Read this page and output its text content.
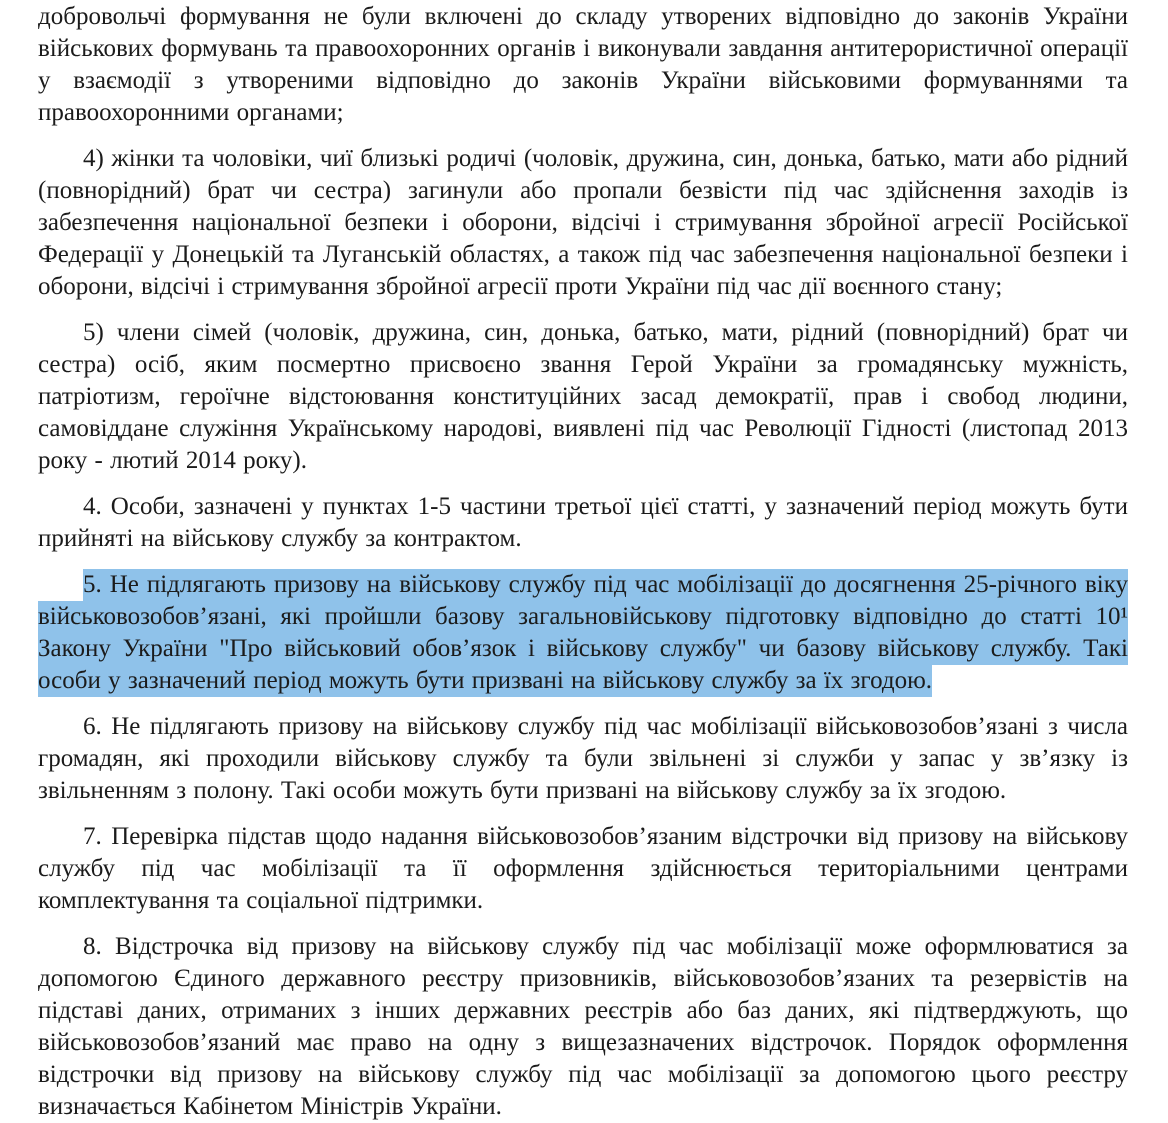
добровольчі формування не були включені до складу утворених відповідно до законів України військових формувань та правоохоронних органів і виконували завдання антитерористичної операції у взаємодії з утвореними відповідно до законів України військовими формуваннями та правоохоронними органами;

4) жінки та чоловіки, чиї близькі родичі (чоловік, дружина, син, донька, батько, мати або рідний (повнорідний) брат чи сестра) загинули або пропали безвісти під час здійснення заходів із забезпечення національної безпеки і оборони, відсічі і стримування збройної агресії Російської Федерації у Донецькій та Луганській областях, а також під час забезпечення національної безпеки і оборони, відсічі і стримування збройної агресії проти України під час дії воєнного стану;

5) члени сімей (чоловік, дружина, син, донька, батько, мати, рідний (повнорідний) брат чи сестра) осіб, яким посмертно присвоєно звання Герой України за громадянську мужність, патріотизм, героїчне відстоювання конституційних засад демократії, прав і свобод людини, самовіддане служіння Українському народові, виявлені під час Революції Гідності (листопад 2013 року - лютий 2014 року).

4. Особи, зазначені у пунктах 1-5 частини третьої цієї статті, у зазначений період можуть бути прийняті на військову службу за контрактом.

5. Не підлягають призову на військову службу під час мобілізації до досягнення 25-річного віку військовозобов’язані, які пройшли базову загальновійськову підготовку відповідно до статті 10¹ Закону України "Про військовий обов’язок і військову службу" чи базову військову службу. Такі особи у зазначений період можуть бути призвані на військову службу за їх згодою.

6. Не підлягають призову на військову службу під час мобілізації військовозобов’язані з числа громадян, які проходили військову службу та були звільнені зі служби у запас у зв’язку із звільненням з полону. Такі особи можуть бути призвані на військову службу за їх згодою.

7. Перевірка підстав щодо надання військовозобов’язаним відстрочки від призову на військову службу під час мобілізації та її оформлення здійснюється територіальними центрами комплектування та соціальної підтримки.

8. Відстрочка від призову на військову службу під час мобілізації може оформлюватися за допомогою Єдиного державного реєстру призовників, військовозобов’язаних та резервістів на підставі даних, отриманих з інших державних реєстрів або баз даних, які підтверджують, що військовозобов’язаний має право на одну з вищезазначених відстрочок. Порядок оформлення відстрочки від призову на військову службу під час мобілізації за допомогою цього реєстру визначається Кабінетом Міністрів України.
